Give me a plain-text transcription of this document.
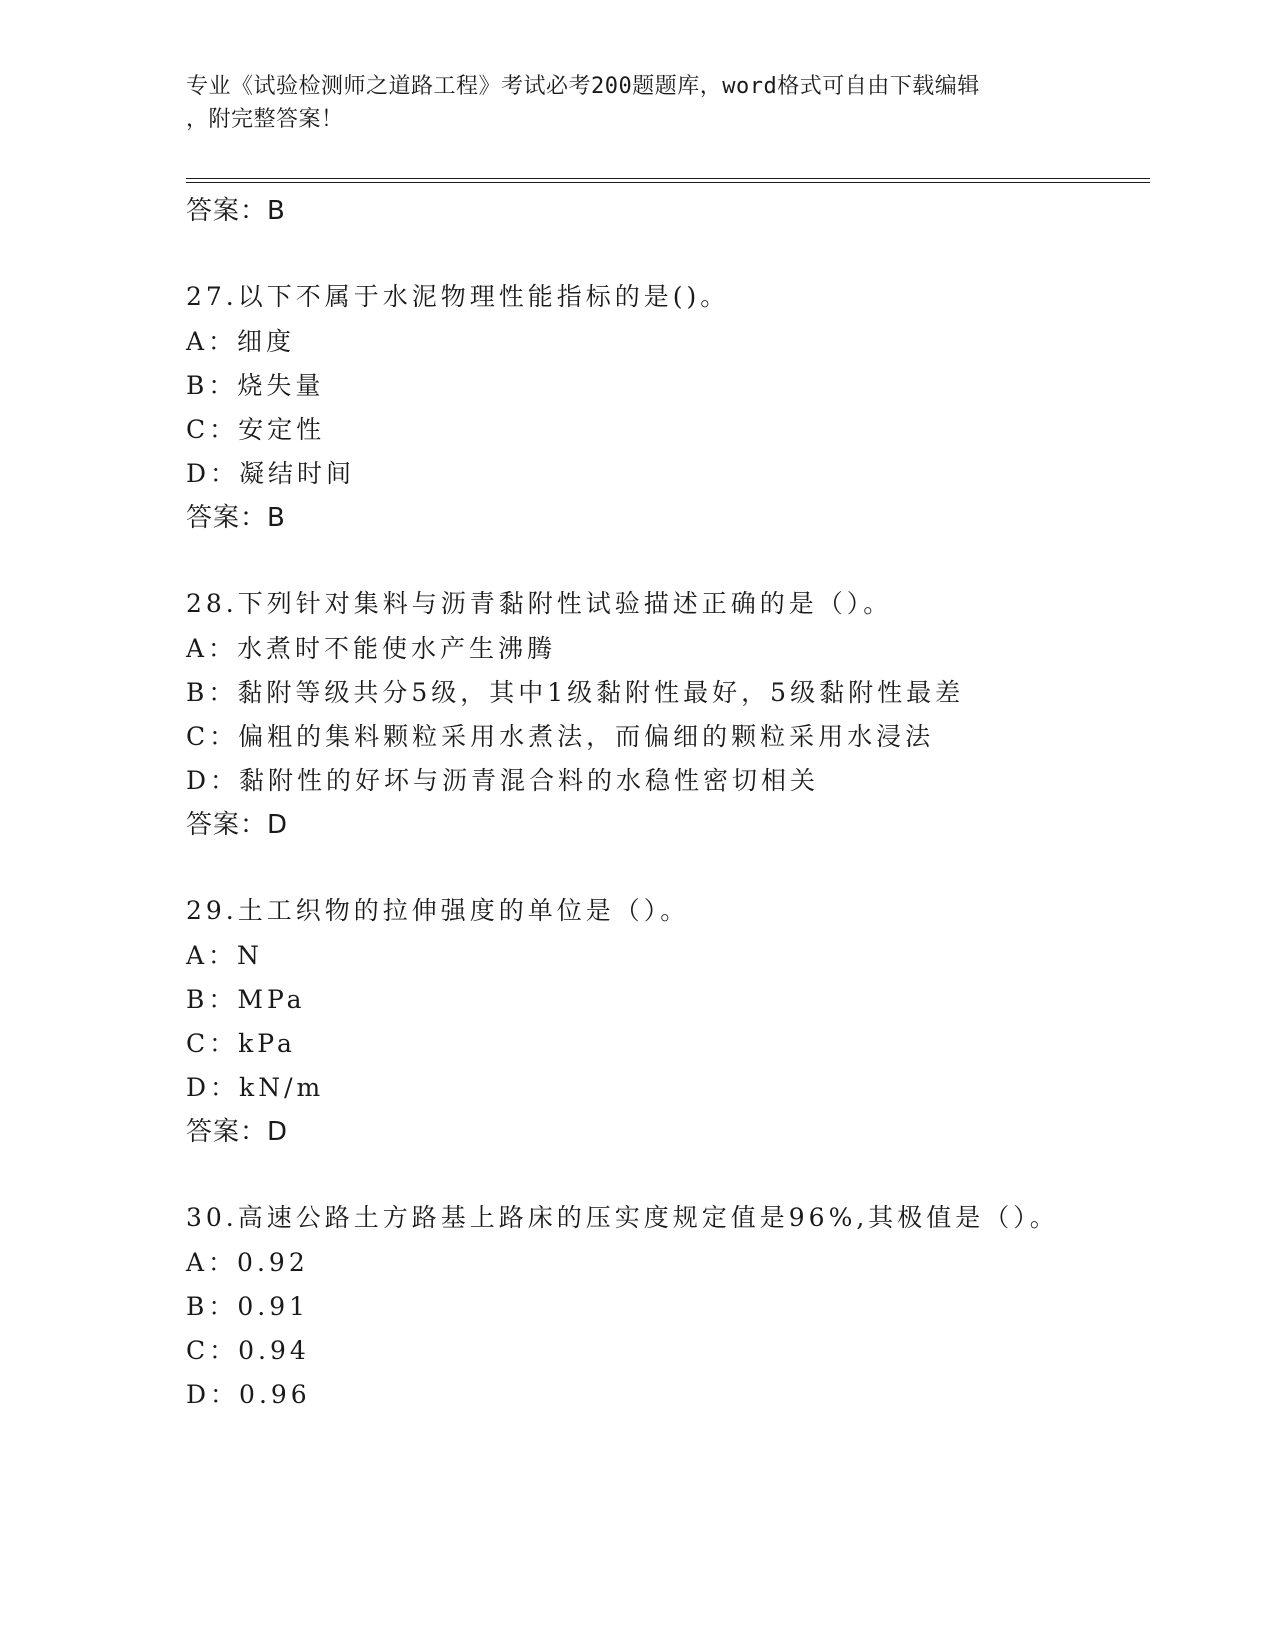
专业《试验检测师之道路工程》考试必考200题题库，word格式可自由下载编辑

，附完整答案！

答案：B

27.以下不属于水泥物理性能指标的是()。

A：细度

B：烧失量

C：安定性

D：凝结时间

答案：B

28.下列针对集料与沥青黏附性试验描述正确的是（）。

A：水煮时不能使水产生沸腾

B：黏附等级共分5级，其中1级黏附性最好，5级黏附性最差

C：偏粗的集料颗粒采用水煮法，而偏细的颗粒采用水浸法

D：黏附性的好坏与沥青混合料的水稳性密切相关

答案：D

29.土工织物的拉伸强度的单位是（）。

A：N

B：MPa

C：kPa

D：kN/m

答案：D

30.高速公路土方路基上路床的压实度规定值是96%,其极值是（）。

A：0.92

B：0.91

C：0.94

D：0.96
